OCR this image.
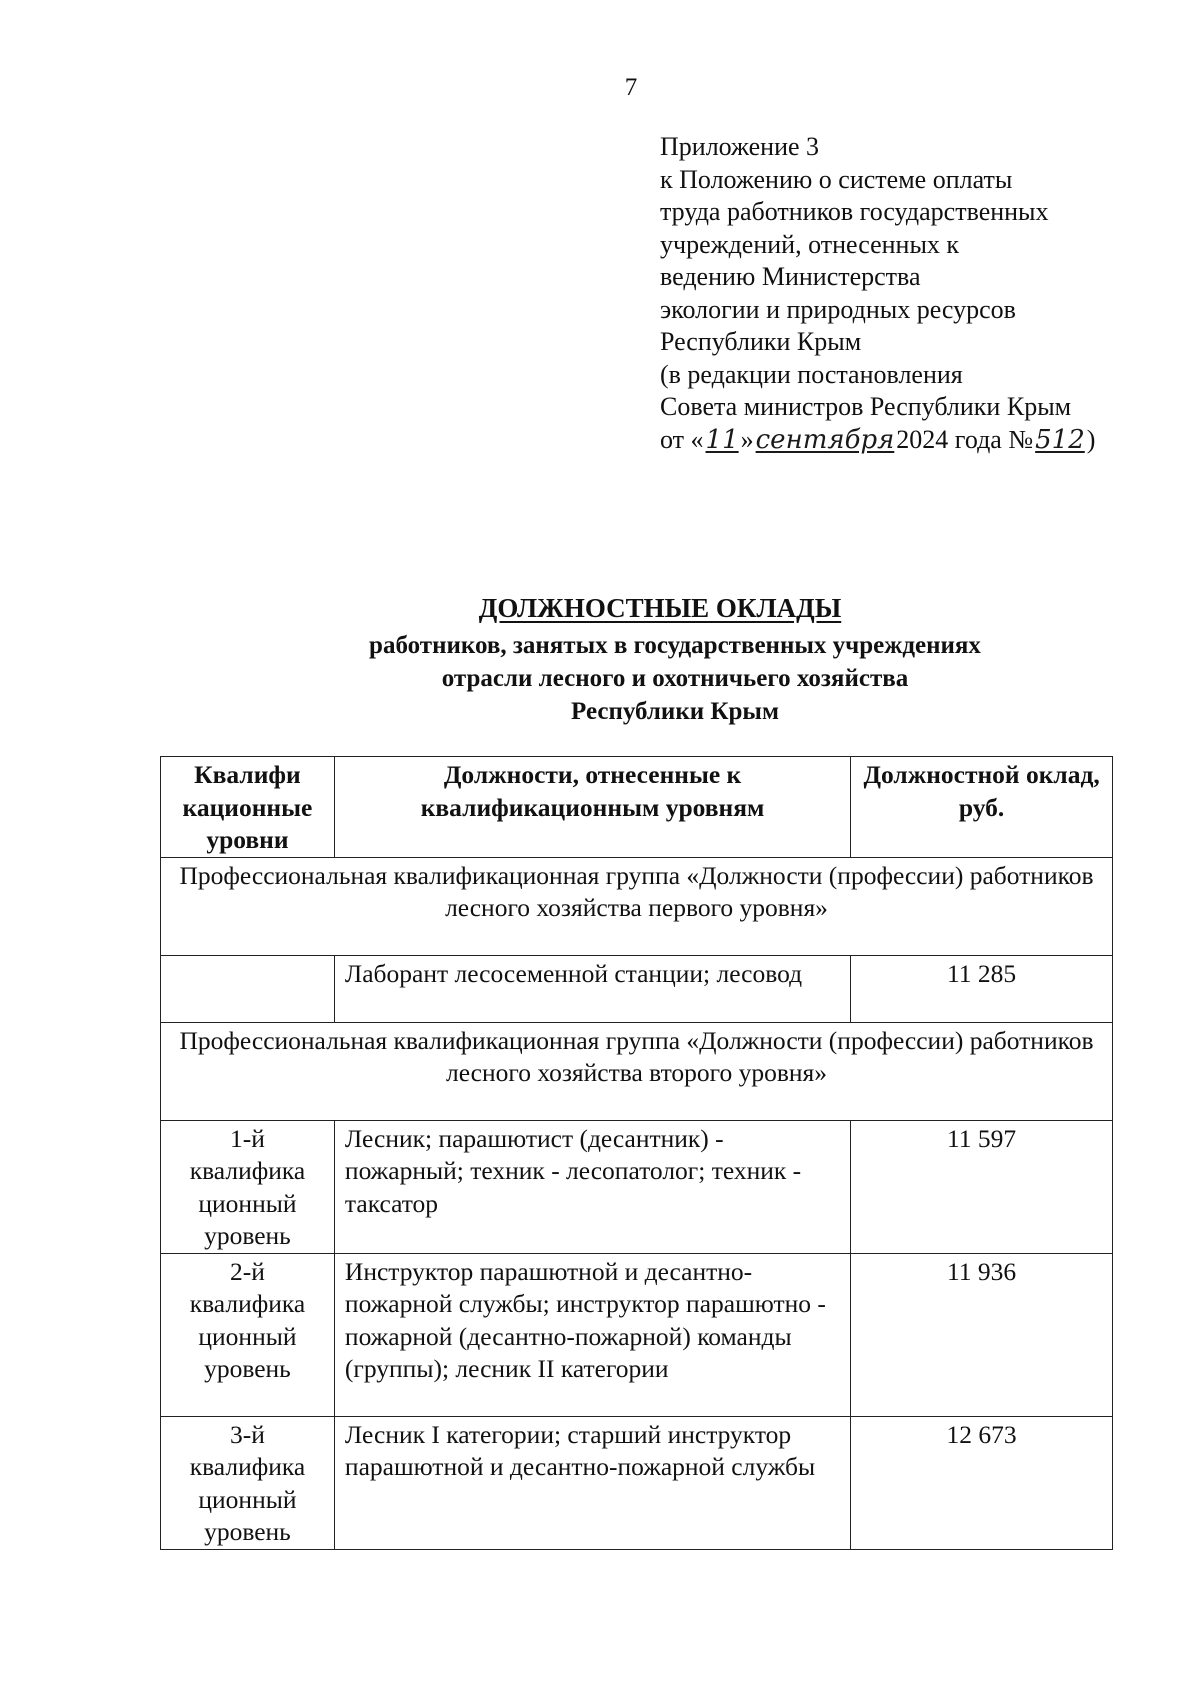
7
Приложение 3
к Положению о системе оплаты
труда работников государственных
учреждений, отнесенных к
ведению Министерства
экологии и природных ресурсов
Республики Крым
(в редакции постановления
Совета министров Республики Крым
от «11»сентября2024 года №512)
ДОЛЖНОСТНЫЕ ОКЛАДЫ
работников, занятых в государственных учреждениях
отрасли лесного и охотничьего хозяйства
Республики Крым
Квалифи кационные уровни	Должности, отнесенные к квалификационным уровням	Должностной оклад, руб.
Профессиональная квалификационная группа «Должности (профессии) работников лесного хозяйства первого уровня»		
	Лаборант лесосеменной станции; лесовод	11 285
Профессиональная квалификационная группа «Должности (профессии) работников лесного хозяйства второго уровня»		
1-й квалифика ционный уровень	Лесник; парашютист (десантник) - пожарный; техник - лесопатолог; техник - таксатор	11 597
2-й квалифика ционный уровень	Инструктор парашютной и десантно-пожарной службы; инструктор парашютно - пожарной (десантно-пожарной) команды (группы); лесник II категории	11 936
3-й квалифика ционный уровень	Лесник I категории; старший инструктор парашютной и десантно-пожарной службы	12 673
